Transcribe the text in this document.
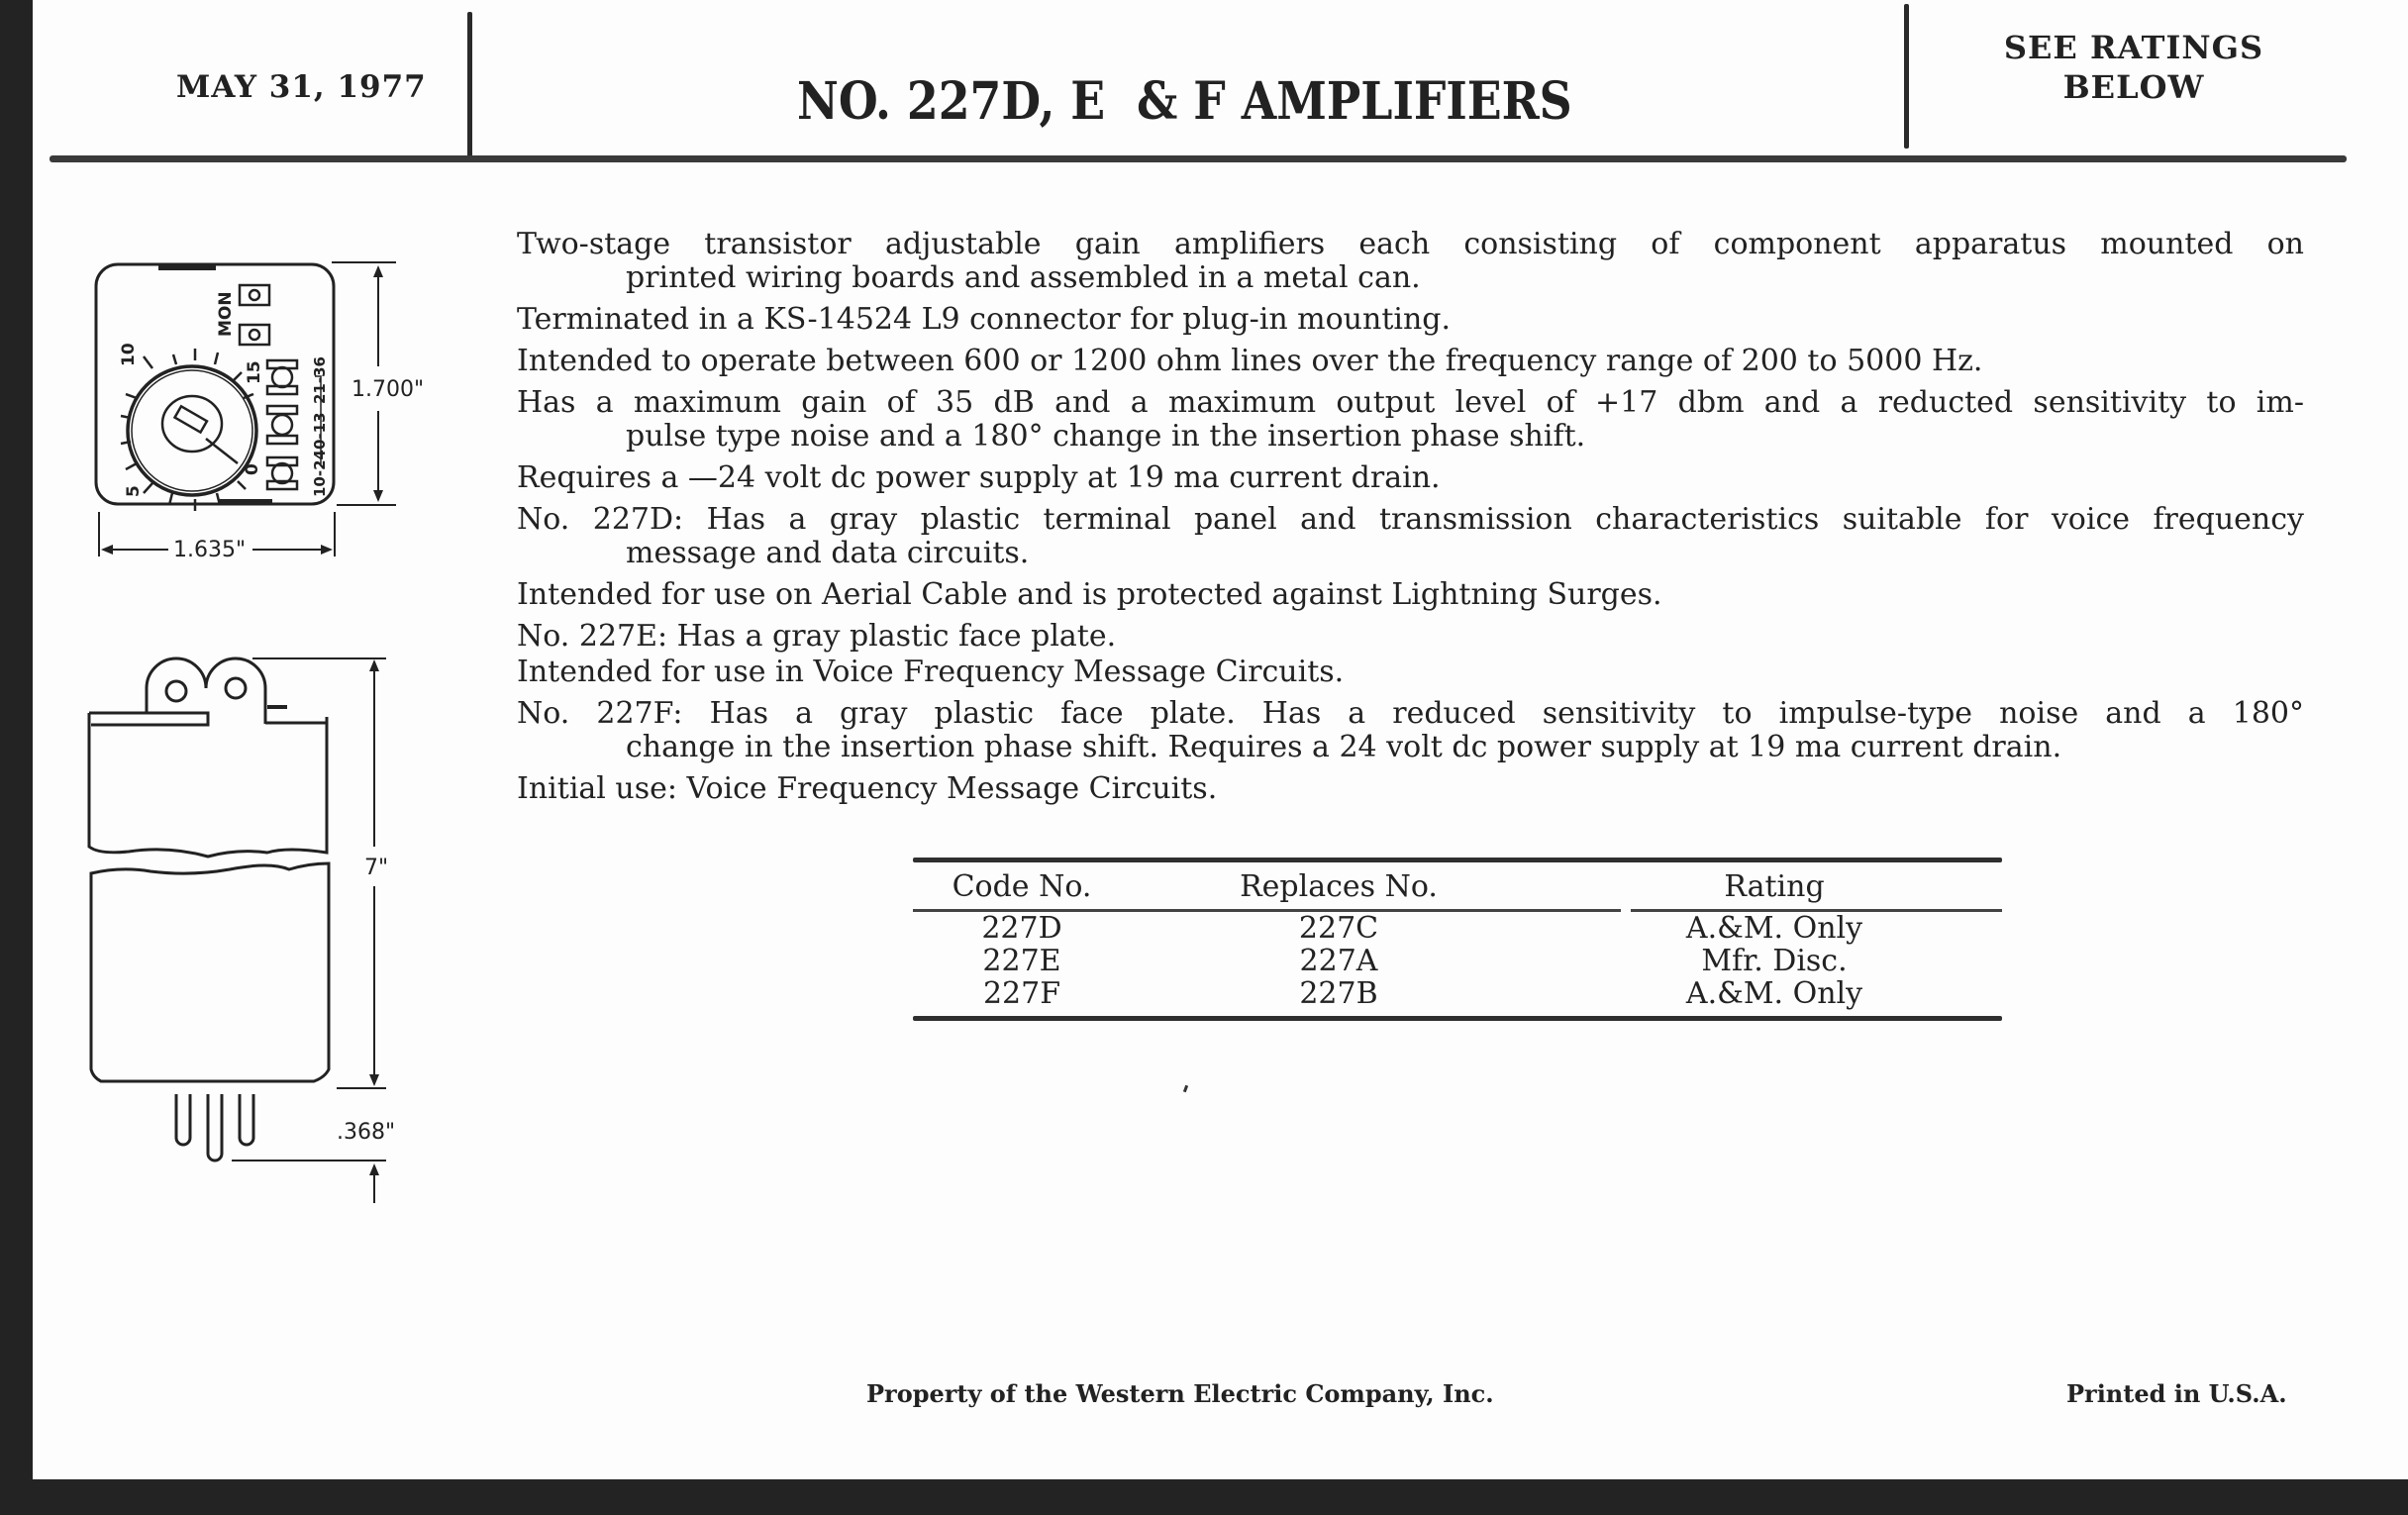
MAY 31, 1977	NO. 227D, E  & F AMPLIFIERS
SEE RATINGS
BELOW
MON
10
15
5
0	10-24
0-13
21-36 1.700"
1.635"
7"
.368"
Two-stage transistor adjustable gain amplifiers each consisting of component apparatus mounted on
printed wiring boards and assembled in a metal can.
Terminated in a KS-14524 L9 connector for plug-in mounting.
Intended to operate between 600 or 1200 ohm lines over the frequency range of 200 to 5000 Hz.
Has a maximum gain of 35 dB and a maximum output level of +17 dbm and a reducted sensitivity to im-
pulse type noise and a 180° change in the insertion phase shift.
Requires a —24 volt dc power supply at 19 ma current drain.
No. 227D: Has a gray plastic terminal panel and transmission characteristics suitable for voice frequency
message and data circuits.
Intended for use on Aerial Cable and is protected against Lightning Surges.
No. 227E: Has a gray plastic face plate.
Intended for use in Voice Frequency Message Circuits.
No. 227F: Has a gray plastic face plate. Has a reduced sensitivity to impulse-type noise and a 180°
change in the insertion phase shift. Requires a 24 volt dc power supply at 19 ma current drain.
Initial use: Voice Frequency Message Circuits.
Code No.	Replaces No.	Rating
227D	227C	A.&M. Only
227E	227A	Mfr. Disc.
227F	227B	A.&M. Only
Property of the Western Electric Company, Inc.	Printed in U.S.A.
